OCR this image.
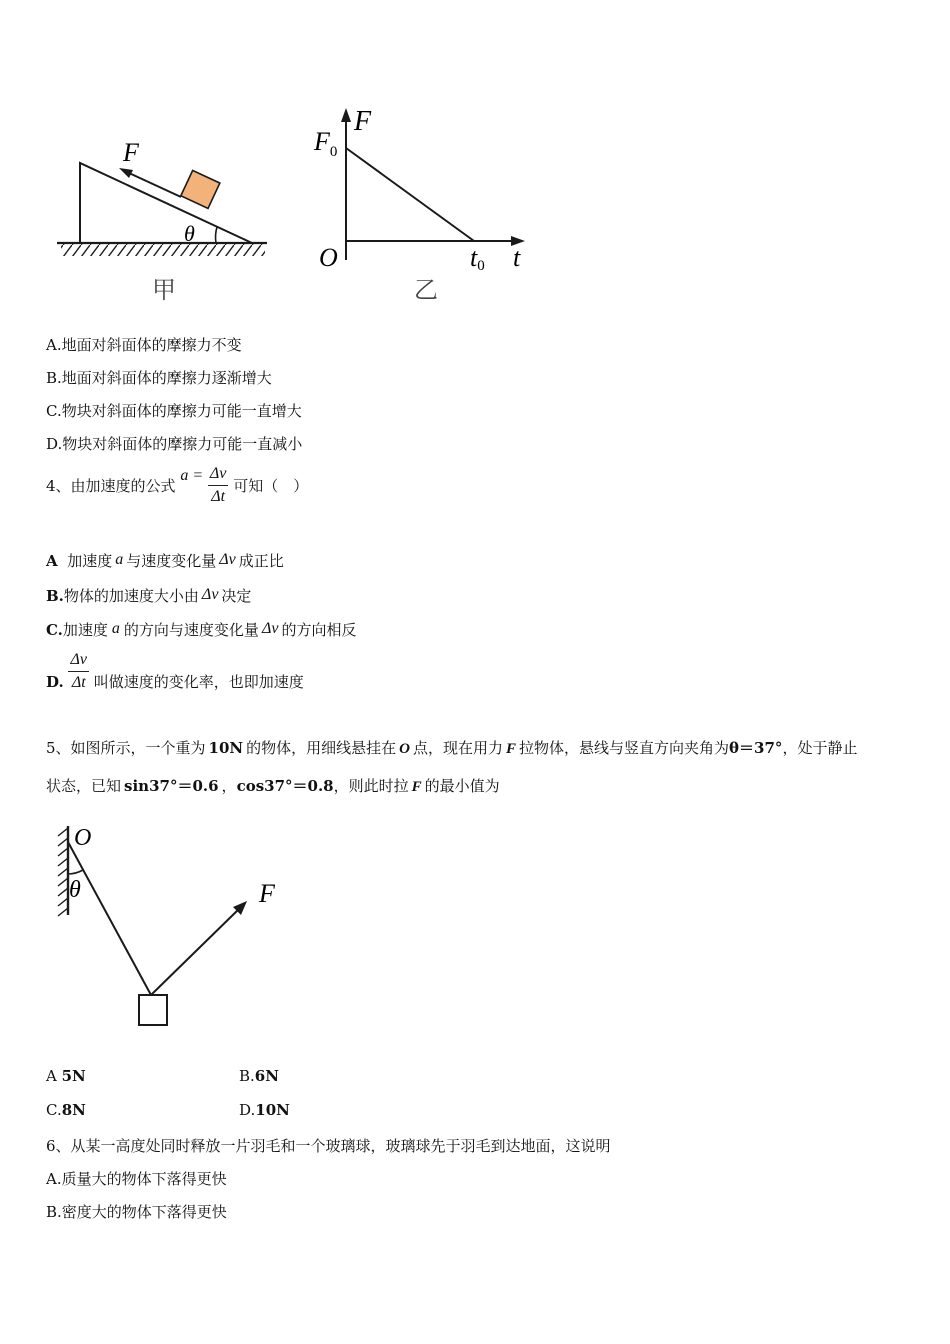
F
θ
甲
F
$F_0$
O	t0 t
乙
A.地面对斜面体的摩擦力不变
B.地面对斜面体的摩擦力逐渐增大
C.物块对斜面体的摩擦力可能一直增大
D.物块对斜面体的摩擦力可能一直减小
4、由加速度的公式 $a = \frac{\Delta v}{\Delta t}$ 可知（　）
A 加速度 a 与速度变化量 Δv 成正比
B.物体的加速度大小由 Δv 决定
C.加速度 a 的方向与速度变化量 Δv 的方向相反
D. $\frac{\Delta v}{\Delta t}$ 叫做速度的变化率，也即加速度
5、如图所示，一个重为 10N 的物体，用细线悬挂在 O 点，现在用力 F 拉物体，悬线与竖直方向夹角为θ＝37°，处于静止
状态，已知 sin37°＝0.6 ，cos37°＝0.8，则此时拉 F 的最小值为
O
θ	F
A 5N	B.6N
C.8N	D.10N
6、从某一高度处同时释放一片羽毛和一个玻璃球，玻璃球先于羽毛到达地面，这说明
A.质量大的物体下落得更快
B.密度大的物体下落得更快
